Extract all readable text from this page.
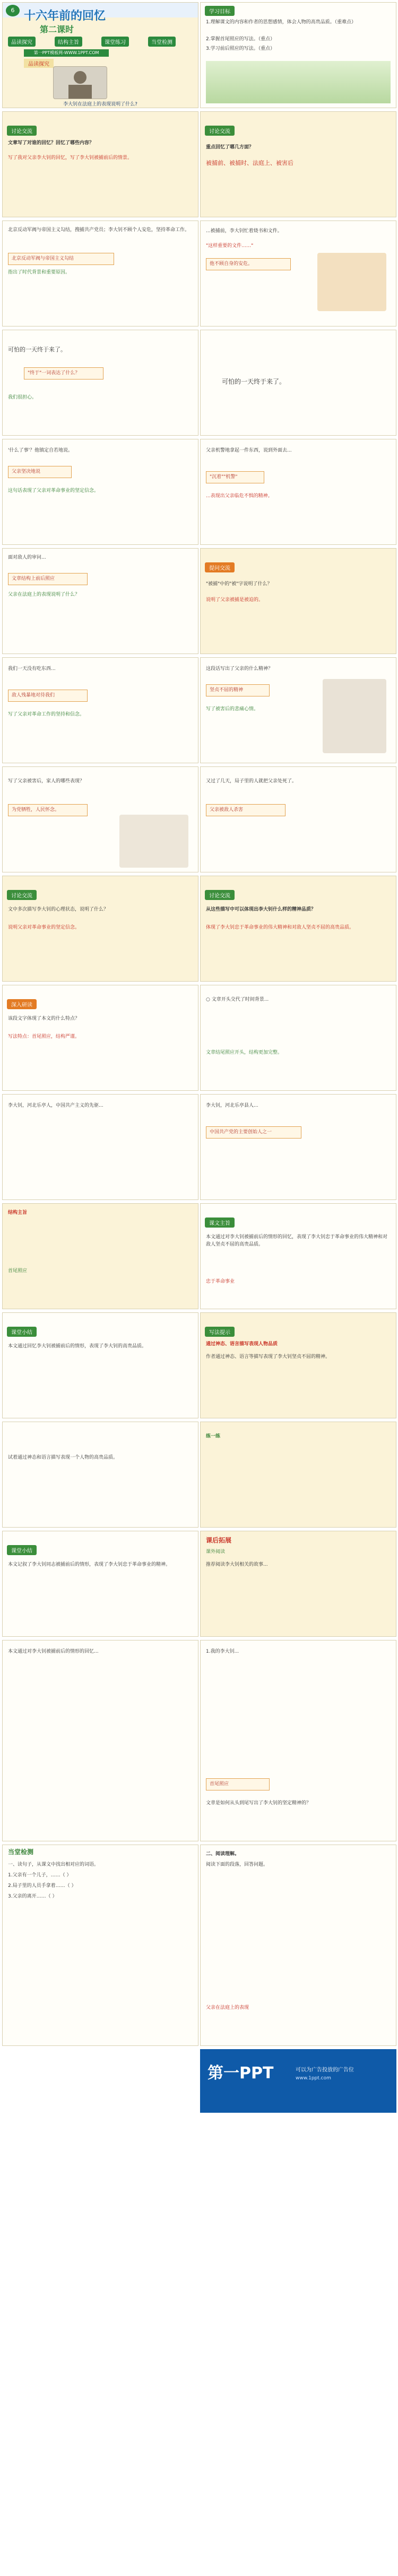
6 十六年前的回忆
第二课时
品读探究	结构主旨	课堂练习	当堂检测
第一PPT模板网-WWW.1PPT.COM
品读探究
李大钊在法庭上的表现说明了什么?
学习目标
1.理解课文的内容和作者的思想感情，体会人物的高贵品质。（重难点）
2.掌握首尾照应的写法。（重点）
3.学习前后照应的写法。（重点）
讨论交流
文章写了对谁的回忆？回忆了哪些内容？
写了我对父亲李大钊的回忆，写了李大钊被捕前后的情景。
讨论交流
重点回忆了哪几方面？
被捕前、被捕时、法庭上、被害后
北京反动军阀与帝国主义勾结，搜捕共产党员；李大钊不顾个人安危，坚持革命工作。
北京反动军阀与帝国主义勾结
指出了时代背景和重要原因。
...被捕前，李大钊忙着烧书和文件。
"这样重要的文件……"
他不顾自身的安危。
可怕的一天终于来了。
"终于"一词表达了什么？
我们很担心。
可怕的一天终于来了。
'什么了事'？他镇定自若地说。
父亲坚决地说
这句话表现了父亲对革命事业的坚定信念。
父亲机警地拿起一件东西，说到外面去...
"沉着""机警"
...表现出父亲临危不惧的精神。
面对敌人的审问...
文章结构上前后照应
父亲在法庭上的表现说明了什么？
提问交流
"被捕"中的"被"字说明了什么？
说明了父亲被捕是被迫的。
我们一天没有吃东西...
敌人残暴地对待我们
写了父亲对革命工作的坚持和信念。
这段话写出了父亲的什么精神？
坚贞不屈的精神
写了被害后的悲痛心情。
写了父亲被害后，家人的哪些表现？
为党牺牲，人民怀念。
又过了几天，局子里的人就把父亲处死了。
父亲被敌人杀害
讨论交流
文中多次描写李大钊的心理状态，说明了什么？
说明父亲对革命事业的坚定信念。
讨论交流
从这些描写中可以体现出李大钊什么样的精神品质？
体现了李大钊忠于革命事业的伟大精神和对敌人坚贞不屈的高贵品质。
深入研读
该段文字体现了本文的什么特点？
写法特点：首尾照应，结构严谨。
○ 文章开头交代了时间背景...
文章结尾照应开头，结构更加完整。
李大钊，河北乐亭人，中国共产主义的先驱...	李大钊，河北乐亭县人...
中国共产党的主要创始人之一
结构主旨
首尾照应
课文主旨
本文通过对李大钊被捕前后的情形的回忆，表现了李大钊忠于革命事业的伟大精神和对敌人坚贞不屈的高贵品质。
忠于革命事业
课堂小结
本文通过回忆李大钊被捕前后的情形，表现了李大钊的高贵品质。
写法提示
通过神态、语言描写表现人物品质
作者通过神态、语言等描写表现了李大钊坚贞不屈的精神。
试着通过神态和语言描写表现一个人物的高贵品质。
练一练
课堂小结
本文记叙了李大钊同志被捕前后的情形，表现了李大钊忠于革命事业的精神。
课后拓展
课外阅读
推荐阅读李大钊相关的故事...
本文通过对李大钊被捕前后的情形的回忆...	1.我的李大钊...
首尾照应
文章是如何从头到尾写出了李大钊的坚定精神的？
当堂检测
一、读句子，从课文中找出相对应的词语。
1.父亲有一个儿子，……（ ）
2.局子里的人员手拿着……（ ）
3.父亲的离开……（ ）
二、阅读理解。
阅读下面的段落，回答问题。
父亲在法庭上的表现
第一PPT	可以为广告投放的广告位
www.1ppt.com
